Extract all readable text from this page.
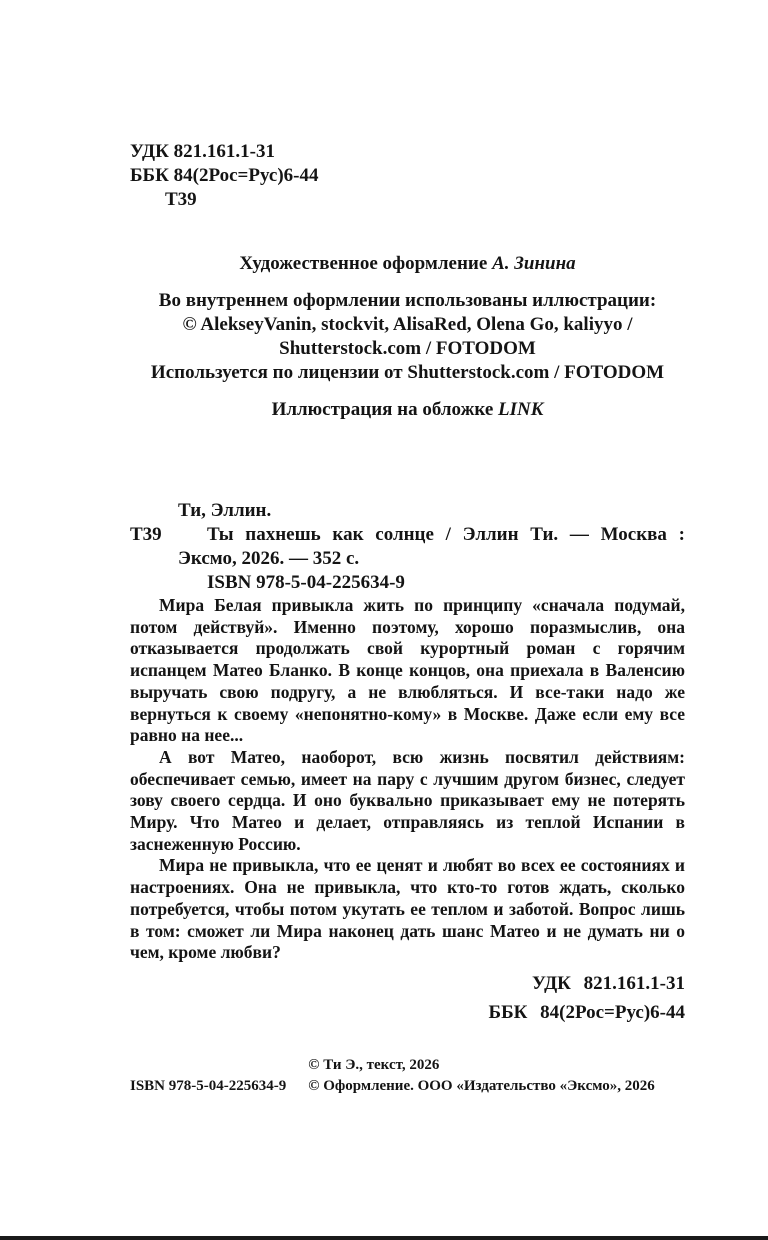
УДК 821.161.1-31
ББК 84(2Рос=Рус)6-44
Т39

Художественное оформление А. Зинина

Во внутреннем оформлении использованы иллюстрации:

© AlekseyVanin, stockvit, AlisaRed, Olena Go, kaliyyo /

Shutterstock.com / FOTODOM

Используется по лицензии от Shutterstock.com / FOTODOM

Иллюстрация на обложке LINK

Ти, Эллин.

Т39 Ты пахнешь как солнце / Эллин Ти. — Москва : Эксмо, 2026. — 352 с.

ISBN 978-5-04-225634-9

Мира Белая привыкла жить по принципу «сначала подумай, потом действуй». Именно поэтому, хорошо поразмыслив, она отказывается продолжать свой курортный роман с горячим испанцем Матео Бланко. В конце концов, она приехала в Валенсию выручать свою подругу, а не влюбляться. И все-таки надо же вернуться к своему «непонятно-кому» в Москве. Даже если ему все равно на нее...

А вот Матео, наоборот, всю жизнь посвятил действиям: обеспечивает семью, имеет на пару с лучшим другом бизнес, следует зову своего сердца. И оно буквально приказывает ему не потерять Миру. Что Матео и делает, отправляясь из теплой Испании в заснеженную Россию.

Мира не привыкла, что ее ценят и любят во всех ее состояниях и настроениях. Она не привыкла, что кто-то готов ждать, сколько потребуется, чтобы потом укутать ее теплом и заботой. Вопрос лишь в том: сможет ли Мира наконец дать шанс Матео и не думать ни о чем, кроме любви?

УДК 821.161.1-31
ББК 84(2Рос=Рус)6-44
ISBN 978-5-04-225634-9
© Ти Э., текст, 2026
© Оформление. ООО «Издательство «Эксмо», 2026
